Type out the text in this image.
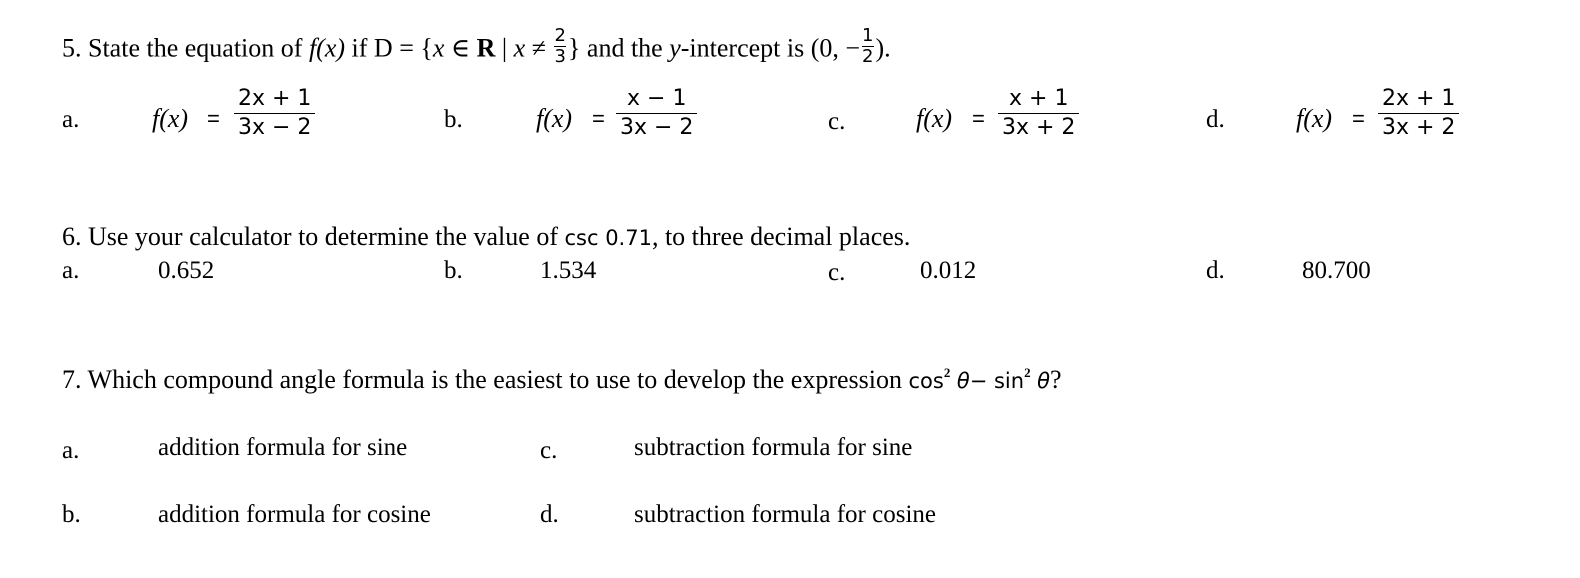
5. State the equation of f(x) if D = {x ∈ R | $x \ne \frac{2}{3}$ } and the y-intercept is (0, − $\frac{1}{2}$ ).
a.	f(x) =
2x + 1
3x − 2	b.	f(x) =
x − 1
3x − 2	c.	f(x) =
x + 1
3x + 2	d.	f(x) =
2x + 1
3x + 2
6. Use your calculator to determine the value of csc 0.71, to three decimal places.
a.	0.652	b.	1.534	c.	0.012	d.	80.700
7. Which compound angle formula is the easiest to use to develop the expression $\cos^2 \theta- \sin^2 \theta$?
a.	addition formula for sine	c.	subtraction formula for sine
b.	addition formula for cosine	d.	subtraction formula for cosine
